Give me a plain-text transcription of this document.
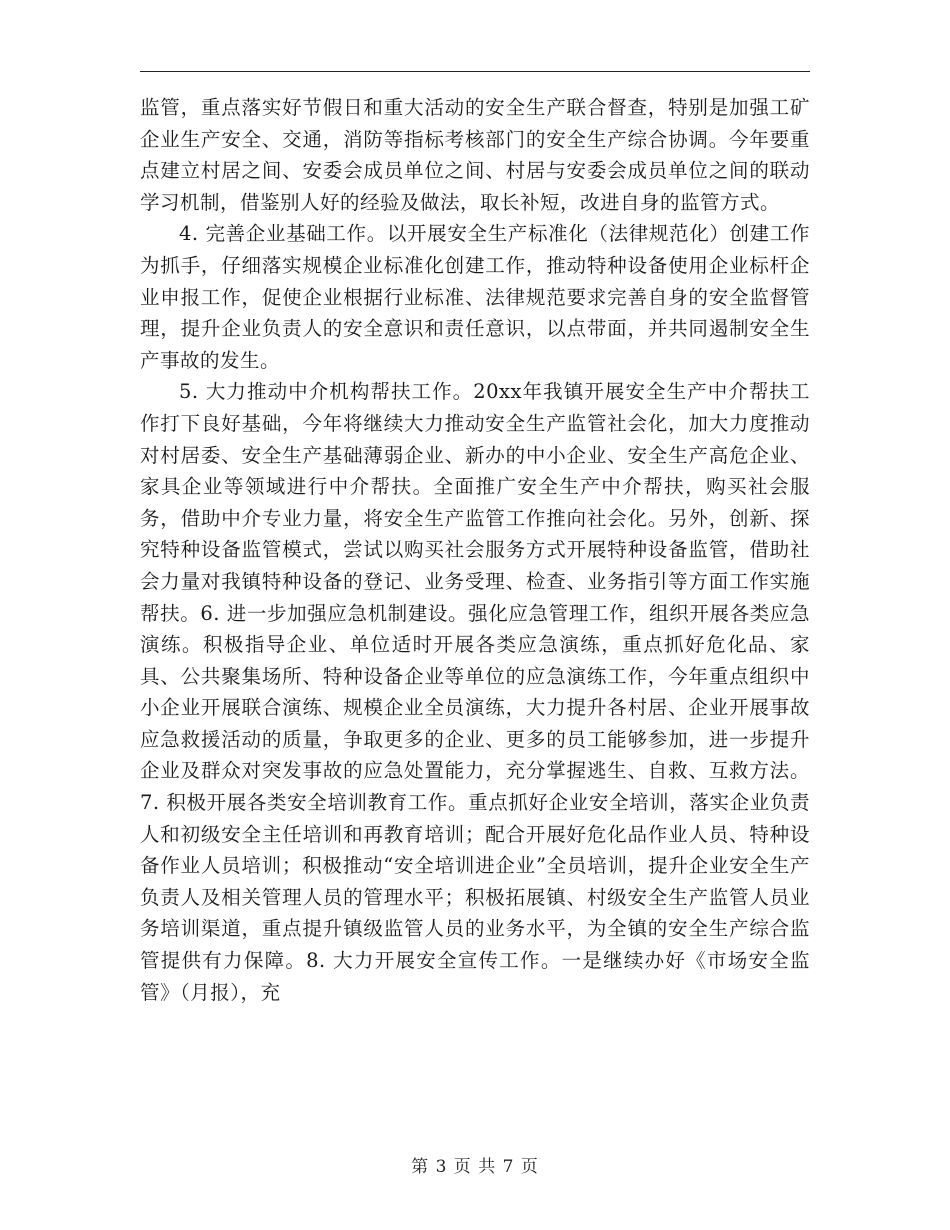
监管，重点落实好节假日和重大活动的安全生产联合督查，特别是加强工矿企业生产安全、交通，消防等指标考核部门的安全生产综合协调。今年要重点建立村居之间、安委会成员单位之间、村居与安委会成员单位之间的联动学习机制，借鉴别人好的经验及做法，取长补短，改进自身的监管方式。

4. 完善企业基础工作。以开展安全生产标准化（法律规范化）创建工作为抓手，仔细落实规模企业标准化创建工作，推动特种设备使用企业标杆企业申报工作，促使企业根据行业标准、法律规范要求完善自身的安全监督管理，提升企业负责人的安全意识和责任意识，以点带面，并共同遏制安全生产事故的发生。

5. 大力推动中介机构帮扶工作。20xx年我镇开展安全生产中介帮扶工作打下良好基础，今年将继续大力推动安全生产监管社会化，加大力度推动对村居委、安全生产基础薄弱企业、新办的中小企业、安全生产高危企业、家具企业等领域进行中介帮扶。全面推广安全生产中介帮扶，购买社会服务，借助中介专业力量，将安全生产监管工作推向社会化。另外，创新、探究特种设备监管模式，尝试以购买社会服务方式开展特种设备监管，借助社会力量对我镇特种设备的登记、业务受理、检查、业务指引等方面工作实施帮扶。6. 进一步加强应急机制建设。强化应急管理工作，组织开展各类应急演练。积极指导企业、单位适时开展各类应急演练，重点抓好危化品、家具、公共聚集场所、特种设备企业等单位的应急演练工作，今年重点组织中小企业开展联合演练、规模企业全员演练，大力提升各村居、企业开展事故应急救援活动的质量，争取更多的企业、更多的员工能够参加，进一步提升企业及群众对突发事故的应急处置能力，充分掌握逃生、自救、互救方法。7. 积极开展各类安全培训教育工作。重点抓好企业安全培训，落实企业负责人和初级安全主任培训和再教育培训；配合开展好危化品作业人员、特种设备作业人员培训；积极推动“安全培训进企业”全员培训，提升企业安全生产负责人及相关管理人员的管理水平；积极拓展镇、村级安全生产监管人员业务培训渠道，重点提升镇级监管人员的业务水平，为全镇的安全生产综合监管提供有力保障。8. 大力开展安全宣传工作。一是继续办好《市场安全监管》（月报），充

第 3 页 共 7 页
